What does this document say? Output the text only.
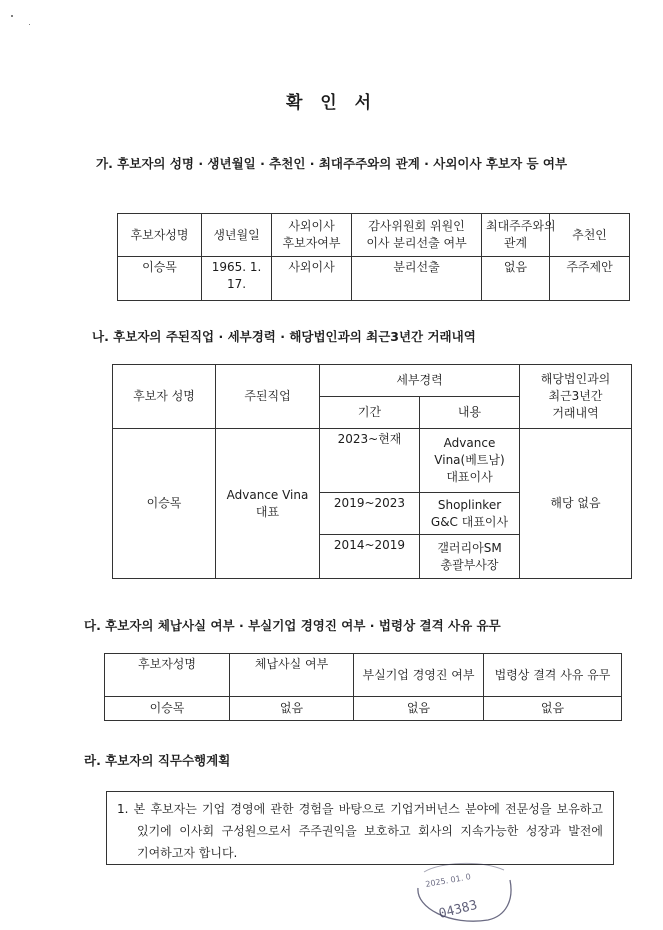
확 인 서
가. 후보자의 성명 · 생년월일 · 추천인 · 최대주주와의 관계 · 사외이사 후보자 등 여부
후보자성명	생년월일	사외이사 후보자여부	감사위원회 위원인 이사 분리선출 여부	최대주주와의 관계	추천인
이승목	1965. 1. 17.	사외이사	분리선출	없음	주주제안
나. 후보자의 주된직업 · 세부경력 · 해당법인과의 최근3년간 거래내역
후보자 성명	주된직업	세부경력		해당법인과의 최근3년간 거래내역
		기간	내용	
이승목	Advance Vina 대표	2023~현재	Advance Vina(베트남) 대표이사	해당 없음
		2019~2023	Shoplinker G&C 대표이사	
		2014~2019	갤러리아SM 총괄부사장	
다. 후보자의 체납사실 여부 · 부실기업 경영진 여부 · 법령상 결격 사유 유무
후보자성명	체납사실 여부	부실기업 경영진 여부	법령상 결격 사유 유무
이승목	없음	없음	없음
라. 후보자의 직무수행계획
1. 본 후보자는 기업 경영에 관한 경험을 바탕으로 기업거버넌스 분야에 전문성을 보유하고 있기에 이사회 구성원으로서 주주권익을 보호하고 회사의 지속가능한 성장과 발전에 기여하고자 합니다.
2025. 01. 0
04383
